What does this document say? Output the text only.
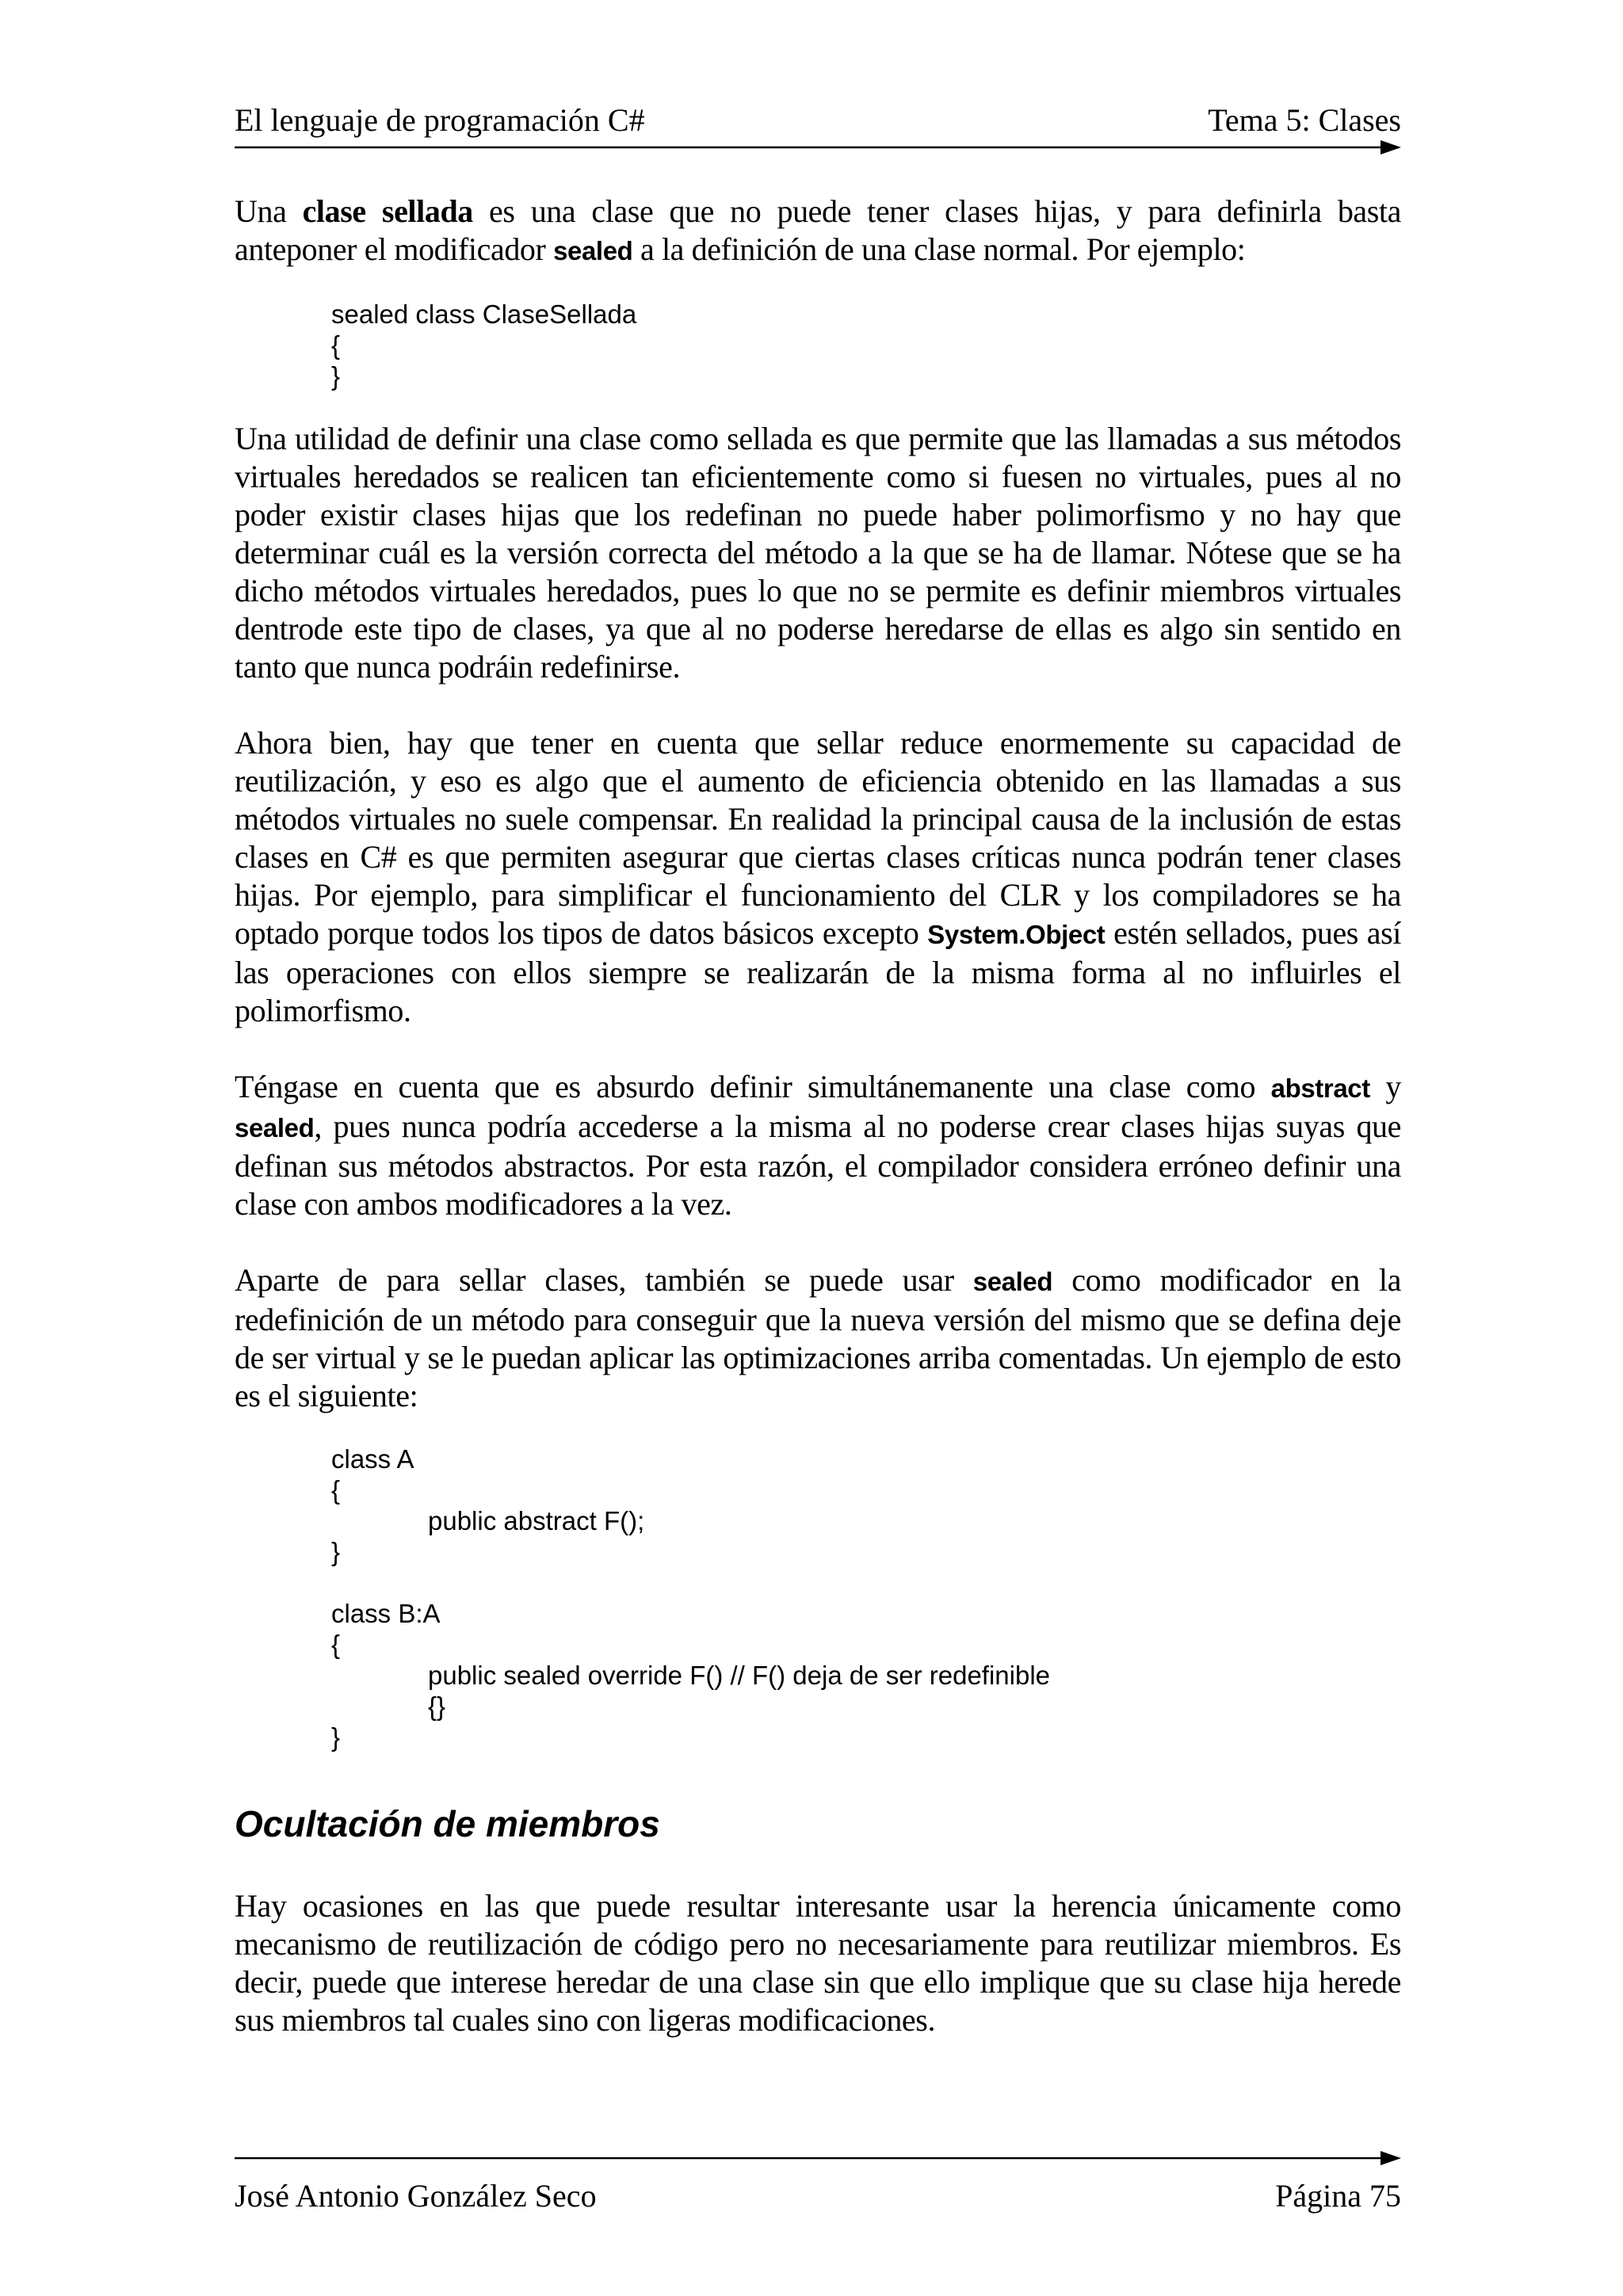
El lenguaje de programación C#	Tema 5: Clases

Una clase sellada es una clase que no puede tener clases hijas, y para definirla basta anteponer el modificador sealed a la definición de una clase normal. Por ejemplo:

sealed class ClaseSellada
{
}

Una utilidad de definir una clase como sellada es que permite que las llamadas a sus métodos virtuales heredados se realicen tan eficientemente como si fuesen no virtuales, pues al no poder existir clases hijas que los redefinan no puede haber polimorfismo y no hay que determinar cuál es la versión correcta del método a la que se ha de llamar. Nótese que se ha dicho métodos virtuales heredados, pues lo que no se permite es definir miembros virtuales dentrode este tipo de clases, ya que al no poderse heredarse de ellas es algo sin sentido en tanto que nunca podráin redefinirse.

Ahora bien, hay que tener en cuenta que sellar reduce enormemente su capacidad de reutilización, y eso es algo que el aumento de eficiencia obtenido en las llamadas a sus métodos virtuales no suele compensar. En realidad la principal causa de la inclusión de estas clases en C# es que permiten asegurar que ciertas clases críticas nunca podrán tener clases hijas. Por ejemplo, para simplificar el funcionamiento del CLR y los compiladores se ha optado porque todos los tipos de datos básicos excepto System.Object estén sellados, pues así las operaciones con ellos siempre se realizarán de la misma forma al no influirles el polimorfismo.

Téngase en cuenta que es absurdo definir simultánemanente una clase como abstract y sealed, pues nunca podría accederse a la misma al no poderse crear clases hijas suyas que definan sus métodos abstractos. Por esta razón, el compilador considera erróneo definir una clase con ambos modificadores a la vez.

Aparte de para sellar clases, también se puede usar sealed como modificador en la redefinición de un método para conseguir que la nueva versión del mismo que se defina deje de ser virtual y se le puedan aplicar las optimizaciones arriba comentadas. Un ejemplo de esto es el siguiente:

class A
{
public abstract F();
}
class B:A
{
public sealed override F() // F() deja de ser redefinible
{}
}
Ocultación de miembros

Hay ocasiones en las que puede resultar interesante usar la herencia únicamente como mecanismo de reutilización de código pero no necesariamente para reutilizar miembros. Es decir, puede que interese heredar de una clase sin que ello implique que su clase hija herede sus miembros tal cuales sino con ligeras modificaciones.

José Antonio González Seco	Página 75
